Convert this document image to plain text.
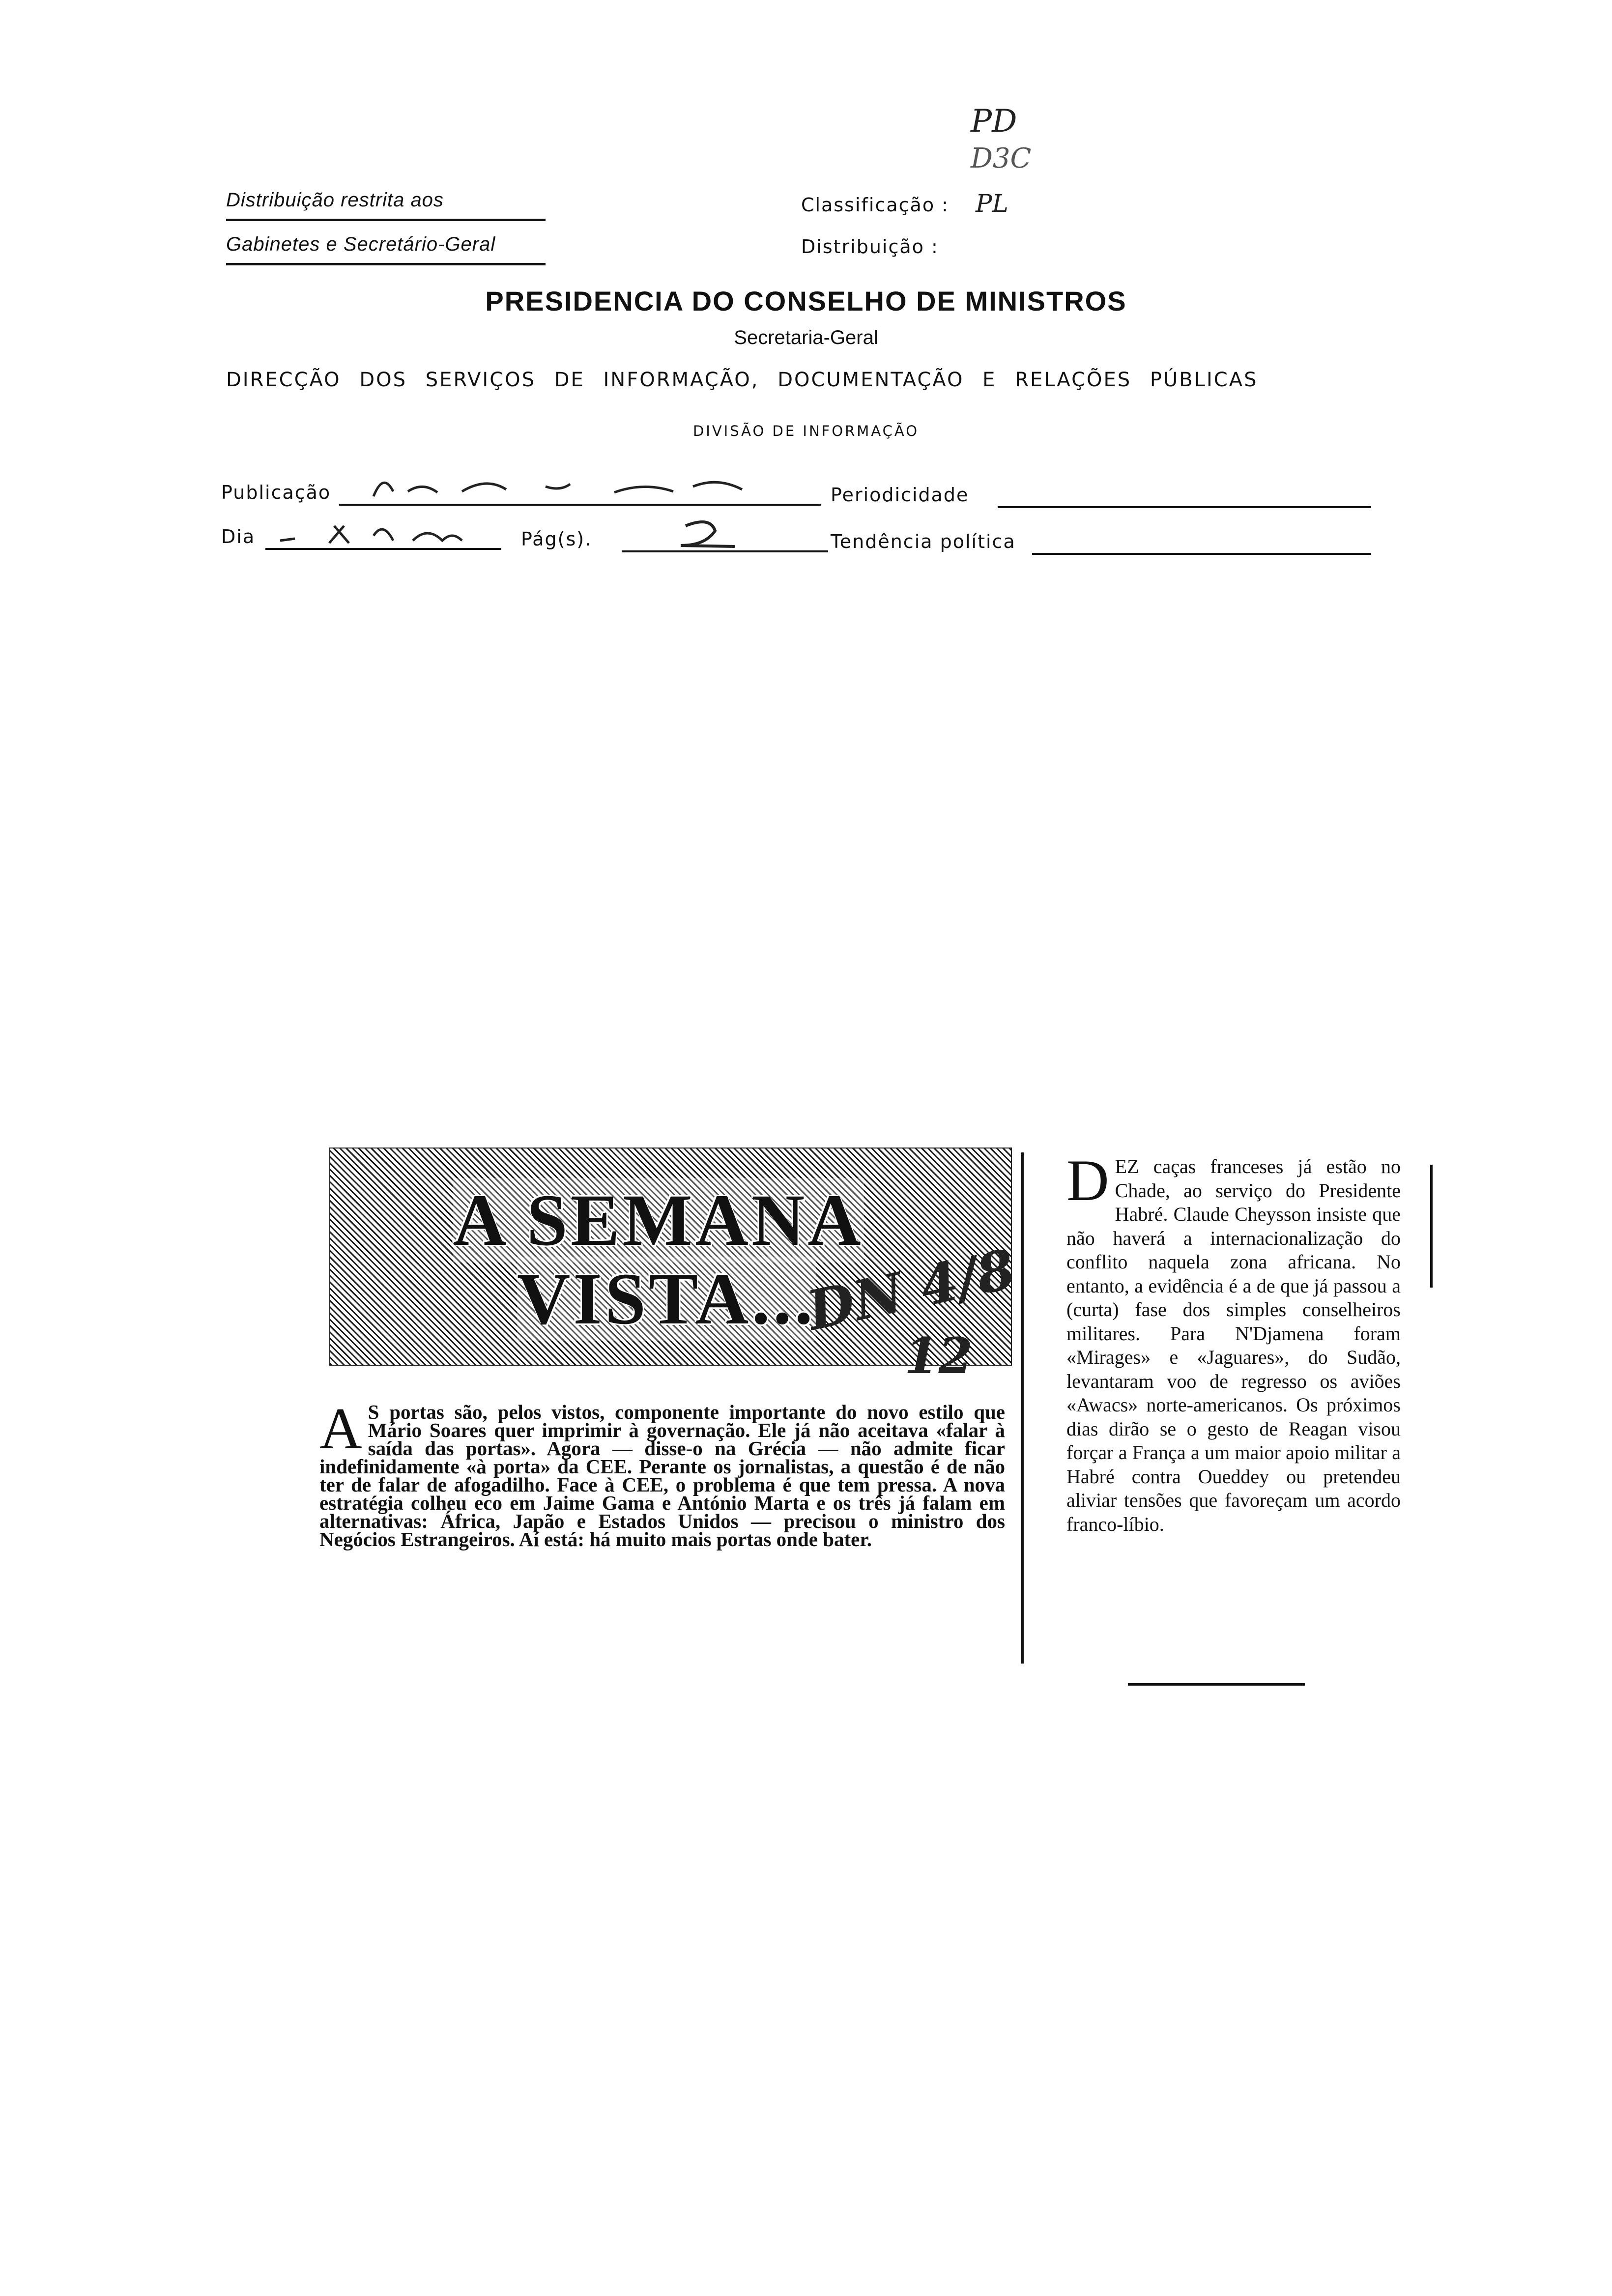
PD
D3C
Distribuição restrita aos
Gabinetes e Secretário-Geral
Classificação : PL
Distribuição :
PRESIDENCIA DO CONSELHO DE MINISTROS
Secretaria-Geral
DIRECÇÃO DOS SERVIÇOS DE INFORMAÇÃO, DOCUMENTAÇÃO E RELAÇÕES PÚBLICAS
DIVISÃO DE INFORMAÇÃO
Publicação	Periodicidade
Dia	Pág(s).	Tendência política
A SEMANA
VISTA...
DN 4/8
12
A S portas são, pelos vistos, componente importante do novo estilo que Mário Soares quer imprimir à governação. Ele já não aceitava «falar à saída das portas». Agora — disse-o na Grécia — não admite ficar indefinidamente «à porta» da CEE. Perante os jornalistas, a questão é de não ter de falar de afogadilho. Face à CEE, o problema é que tem pressa. A nova estratégia colheu eco em Jaime Gama e António Marta e os três já falam em alternativas: África, Japão e Estados Unidos — precisou o ministro dos Negócios Estrangeiros. Aí está: há muito mais portas onde bater.
DEZ caças franceses já estão no Chade, ao serviço do Presidente Habré. Claude Cheysson insiste que não haverá a internacionalização do conflito naquela zona africana. No entanto, a evidência é a de que já passou a (curta) fase dos simples conselheiros militares. Para N'Djamena foram «Mirages» e «Jaguares», do Sudão, levantaram voo de regresso os aviões «Awacs» norte-americanos. Os próximos dias dirão se o gesto de Reagan visou forçar a França a um maior apoio militar a Habré contra Oueddey ou pretendeu aliviar tensões que favoreçam um acordo franco-líbio.
